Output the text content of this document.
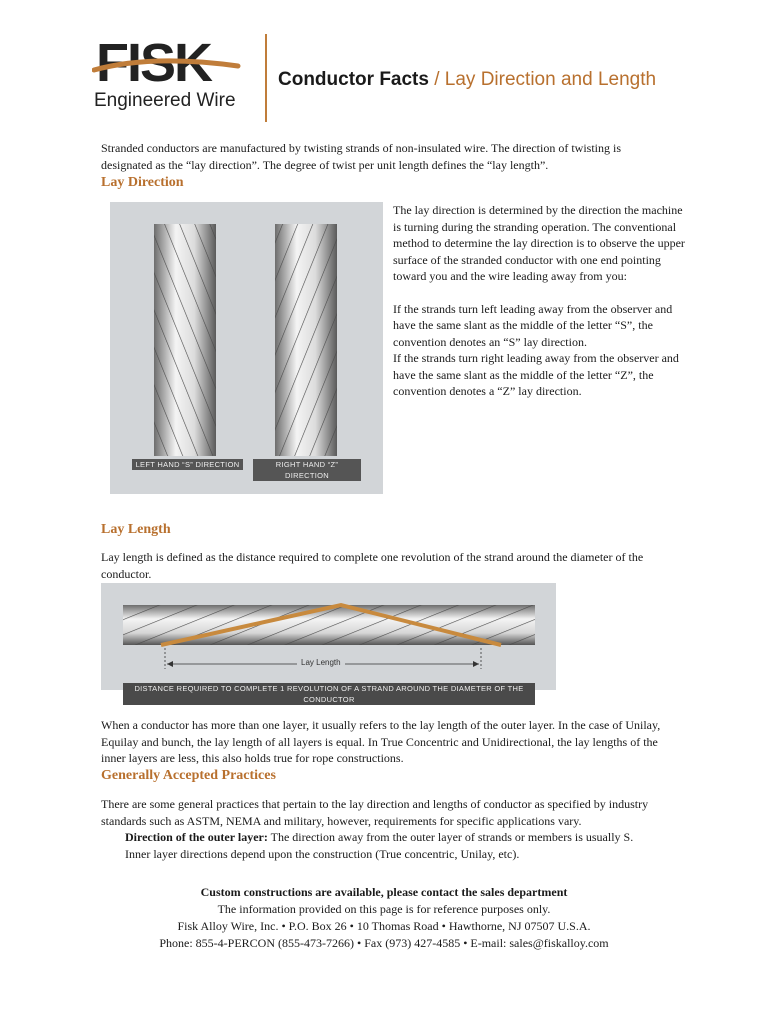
FISK
Engineered Wire
Conductor Facts / Lay Direction and Length
Stranded conductors are manufactured by twisting strands of non-insulated wire. The direction of twisting is designated as the “lay direction”. The degree of twist per unit length defines the “lay length”.
Lay Direction
LEFT HAND “S” DIRECTION	RIGHT HAND “Z” DIRECTION
The lay direction is determined by the direction the machine is turning during the stranding operation. The conventional method to determine the lay direction is to observe the upper surface of the stranded conductor with one end pointing toward you and the wire leading away from you:
If the strands turn left leading away from the observer and have the same slant as the middle of the letter “S”, the convention denotes an “S” lay direction.
If the strands turn right leading away from the observer and have the same slant as the middle of the letter “Z”, the convention denotes a “Z” lay direction.
Lay Length
Lay length is defined as the distance required to complete one revolution of the strand around the diameter of the conductor.
Lay Length
DISTANCE REQUIRED TO COMPLETE 1 REVOLUTION OF A STRAND AROUND THE DIAMETER OF THE CONDUCTOR
When a conductor has more than one layer, it usually refers to the lay length of the outer layer. In the case of Unilay, Equilay and bunch, the lay length of all layers is equal. In True Concentric and Unidirectional, the lay lengths of the inner layers are less, this also holds true for rope constructions.
Generally Accepted Practices
There are some general practices that pertain to the lay direction and lengths of conductor as specified by industry standards such as ASTM, NEMA and military, however, requirements for specific applications vary.
Direction of the outer layer: The direction away from the outer layer of strands or members is usually S. Inner layer directions depend upon the construction (True concentric, Unilay, etc).
Custom constructions are available, please contact the sales department
The information provided on this page is for reference purposes only.
Fisk Alloy Wire, Inc. • P.O. Box 26 • 10 Thomas Road • Hawthorne, NJ 07507 U.S.A.
Phone: 855-4-PERCON (855-473-7266) • Fax (973) 427-4585 • E-mail: sales@fiskalloy.com
